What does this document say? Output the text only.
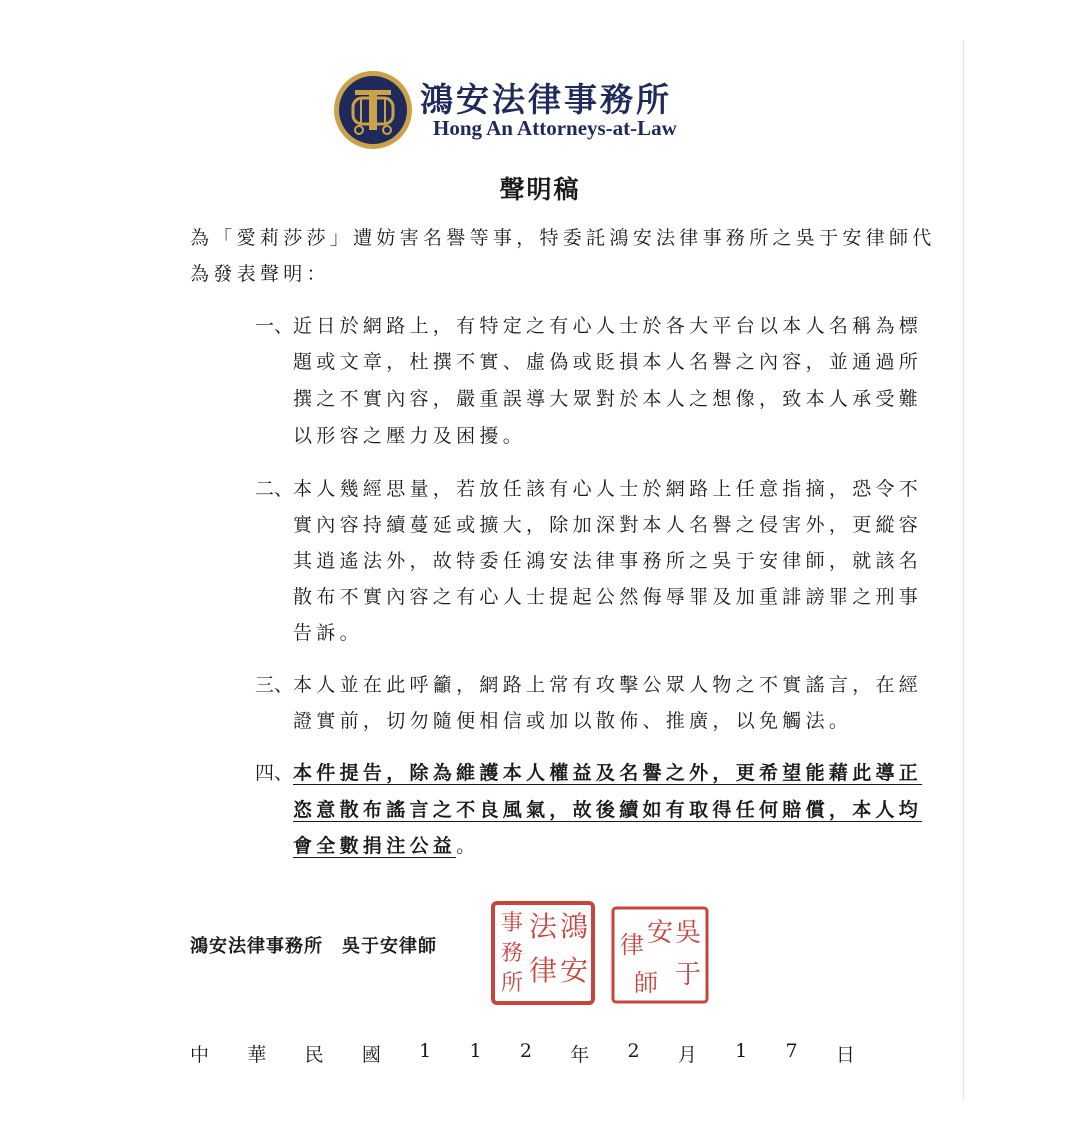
鴻安法律事務所
Hong An Attorneys-at-Law
聲明稿
為「愛莉莎莎」遭妨害名譽等事，特委託鴻安法律事務所之吳于安律師代
為發表聲明：
一、 近日於網路上，有特定之有心人士於各大平台以本人名稱為標
題或文章，杜撰不實、虛偽或貶損本人名譽之內容，並通過所
撰之不實內容，嚴重誤導大眾對於本人之想像，致本人承受難
以形容之壓力及困擾。
二、 本人幾經思量，若放任該有心人士於網路上任意指摘，恐令不
實內容持續蔓延或擴大，除加深對本人名譽之侵害外，更縱容
其逍遙法外，故特委任鴻安法律事務所之吳于安律師，就該名
散布不實內容之有心人士提起公然侮辱罪及加重誹謗罪之刑事
告訴。
三、 本人並在此呼籲，網路上常有攻擊公眾人物之不實謠言，在經
證實前，切勿隨便相信或加以散佈、推廣，以免觸法。
四、 本件提告，除為維護本人權益及名譽之外，更希望能藉此導正
恣意散布謠言之不良風氣，故後續如有取得任何賠償，本人均
會全數捐注公益。
鴻安法律事務所　吳于安律師
鴻
安
法
律
事
務
所
吳
于
安
律
師
中 華 民 國 1 1 2 年 2 月 1 7 日
